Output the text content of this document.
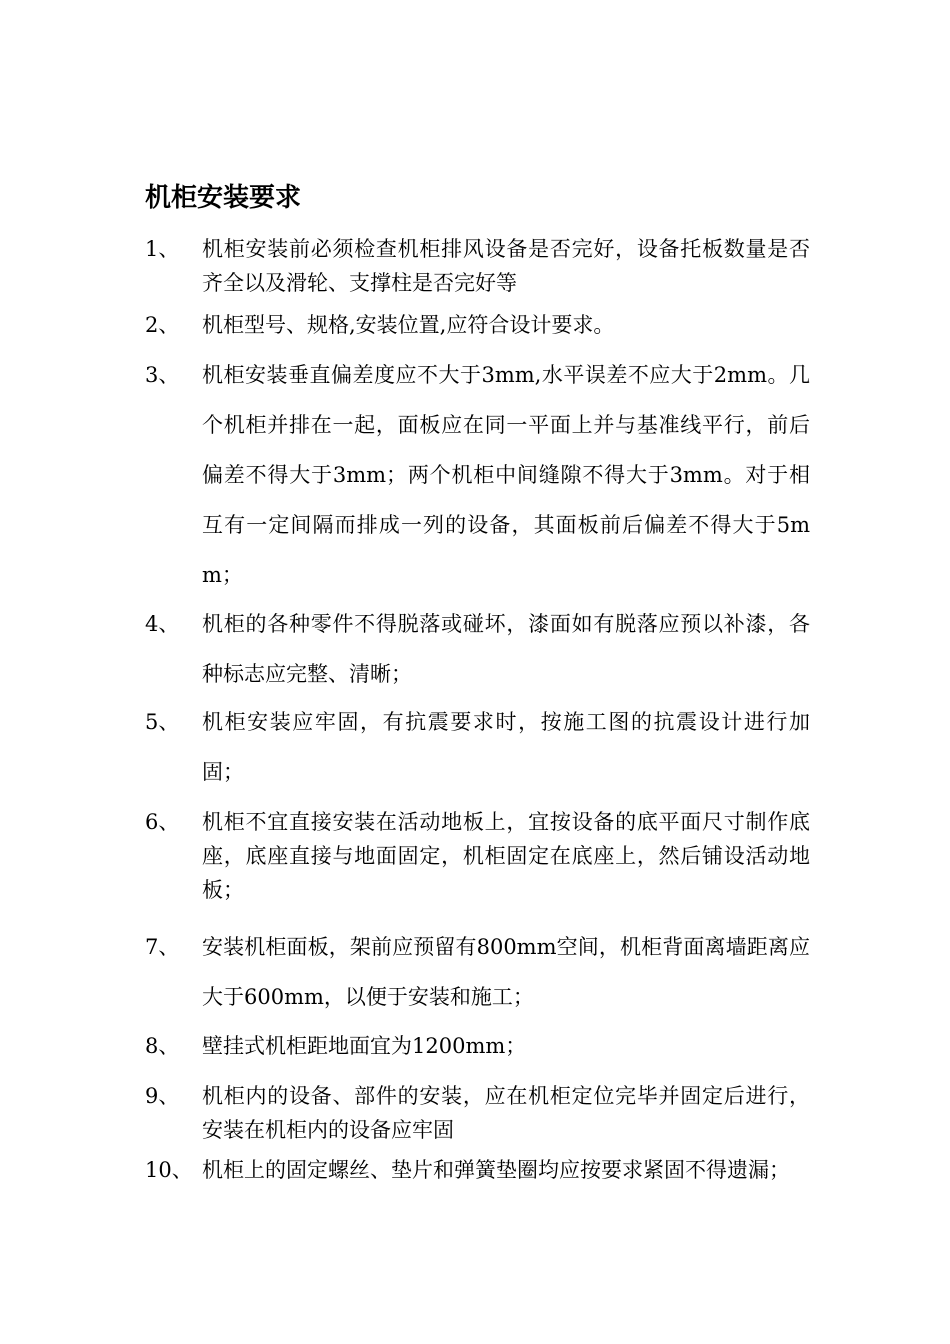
机柜安装要求
1、 机柜安装前必须检查机柜排风设备是否完好，设备托板数量是否齐全以及滑轮、支撑柱是否完好等
2、 机柜型号、规格,安装位置,应符合设计要求。
3、 机柜安装垂直偏差度应不大于3mm,水平误差不应大于2mm。几个机柜并排在一起，面板应在同一平面上并与基准线平行，前后偏差不得大于3mm；两个机柜中间缝隙不得大于3mm。对于相互有一定间隔而排成一列的设备，其面板前后偏差不得大于5mm；
4、 机柜的各种零件不得脱落或碰坏，漆面如有脱落应预以补漆，各种标志应完整、清晰；
5、 机柜安装应牢固，有抗震要求时，按施工图的抗震设计进行加固；
6、 机柜不宜直接安装在活动地板上，宜按设备的底平面尺寸制作底座，底座直接与地面固定，机柜固定在底座上，然后铺设活动地板；
7、 安装机柜面板，架前应预留有800mm空间，机柜背面离墙距离应大于600mm，以便于安装和施工；
8、 壁挂式机柜距地面宜为1200mm；
9、 机柜内的设备、部件的安装，应在机柜定位完毕并固定后进行，安装在机柜内的设备应牢固
10、 机柜上的固定螺丝、垫片和弹簧垫圈均应按要求紧固不得遗漏；
